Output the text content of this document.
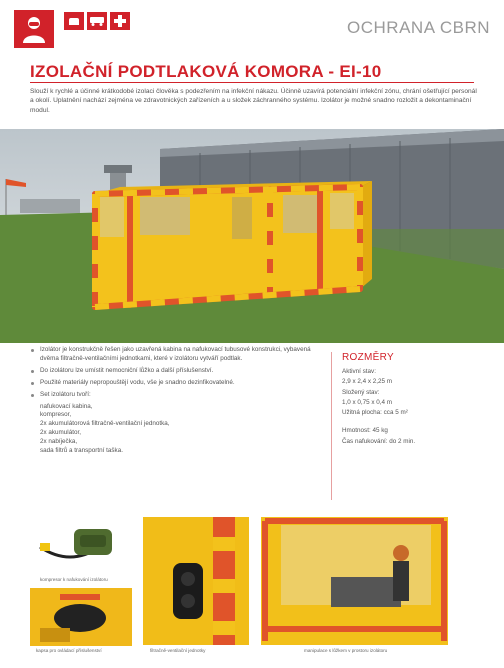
OCHRANA CBRN
IZOLAČNÍ PODTLAKOVÁ KOMORA - EI-10
Slouží k rychlé a účinné krátkodobé izolaci člověka s podezřením na infekční nákazu. Účinně uzavírá potenciální infekční zónu, chrání ošetřující personál a okolí. Uplatnění nachází zejména ve zdravotnických zařízeních a u složek záchranného systému. Izolátor je možné snadno rozložit a dekontaminační modul.
Izolátor je konstrukčně řešen jako uzavřená kabina na nafukovací tubusové konstrukci, vybavená dvěma filtračně-ventilačními jednotkami, které v izolátoru vytváří podtlak.
Do izolátoru lze umístit nemocniční lůžko a další příslušenství.
Použité materiály nepropouštějí vodu, vše je snadno dezinfikovatelné.
Set izolátoru tvoří:
nafukovací kabina,
kompresor,
2x akumulátorová filtračně-ventilační jednotka,
2x akumulátor,
2x nabíječka,
sada filtrů a transportní taška.
ROZMĚRY
Aktivní stav:
2,9 x 2,4 x 2,25 m
Složený stav:
1,0 x 0,75 x 0,4 m
Užitná plocha: cca 5 m²
Hmotnost: 45 kg
Čas nafukování: do 2 min.
kompresor k nafukování izolátoru
kapsa pro ovládací příslušenství	filtračně-ventilační jednotky	manipulace s lůžkem v prostoru izolátoru
